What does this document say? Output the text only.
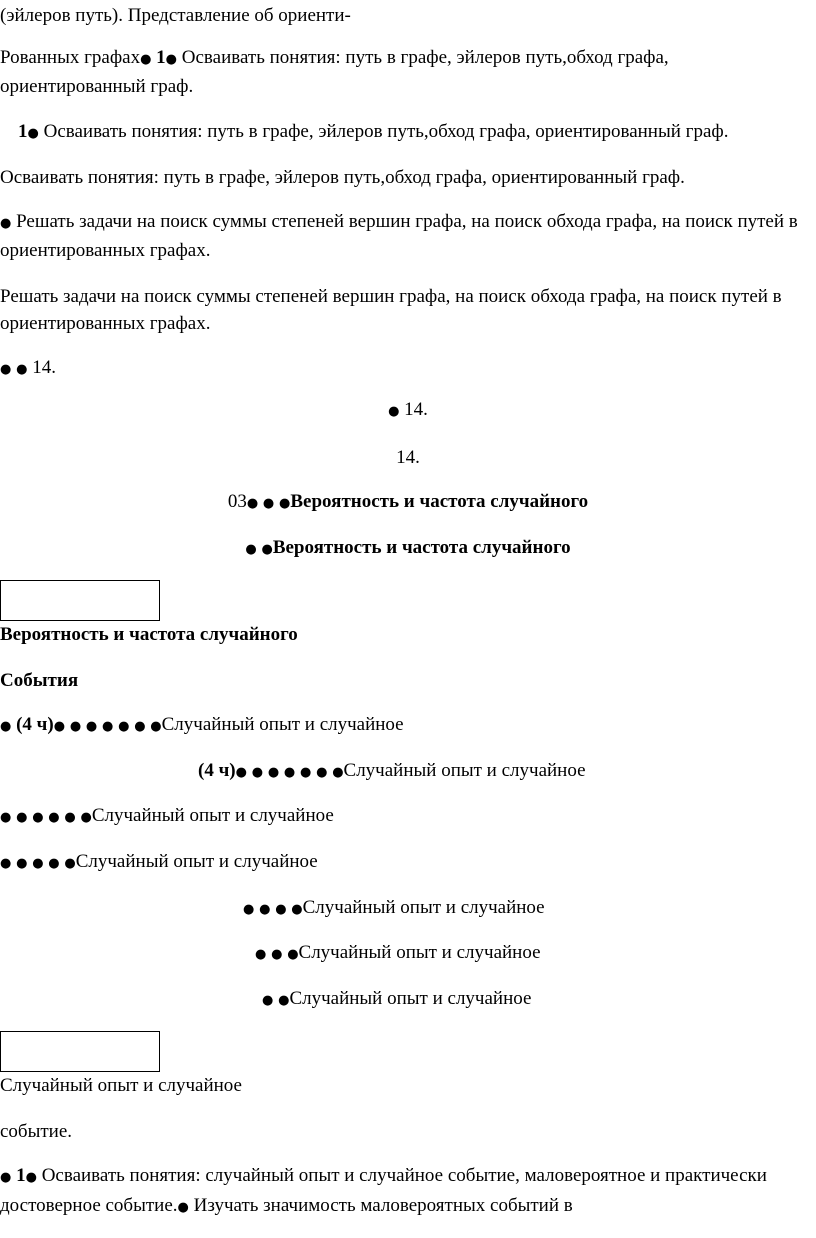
(эйлеров путь). Представление об ориенти-
Рованных графах● 1● Осваивать понятия: путь в графе, эйлеров путь,обход графа, ориентированный граф.
1● Осваивать понятия: путь в графе, эйлеров путь,обход графа, ориентированный граф.
Осваивать понятия: путь в графе, эйлеров путь,обход графа, ориентированный граф.
● Решать задачи на поиск суммы степеней вершин графа, на поиск обхода графа, на поиск путей в ориентированных графах.
Решать задачи на поиск суммы степеней вершин графа, на поиск обхода графа, на поиск путей в ориентированных графах.
● ● 14.
● 14.
14.
03● ● ●Вероятность и частота случайного
● ●Вероятность и частота случайного
Вероятность и частота случайного
События
● (4 ч)● ● ● ● ● ● ●Случайный опыт и случайное
(4 ч)● ● ● ● ● ● ●Случайный опыт и случайное
● ● ● ● ● ●Случайный опыт и случайное
● ● ● ● ●Случайный опыт и случайное
● ● ● ●Случайный опыт и случайное
● ● ●Случайный опыт и случайное
● ●Случайный опыт и случайное
Случайный опыт и случайное
событие.
● 1● Осваивать понятия: случайный опыт и случайное событие, маловероятное и практически    достоверное событие.● Изучать значимость маловероятных событий в
